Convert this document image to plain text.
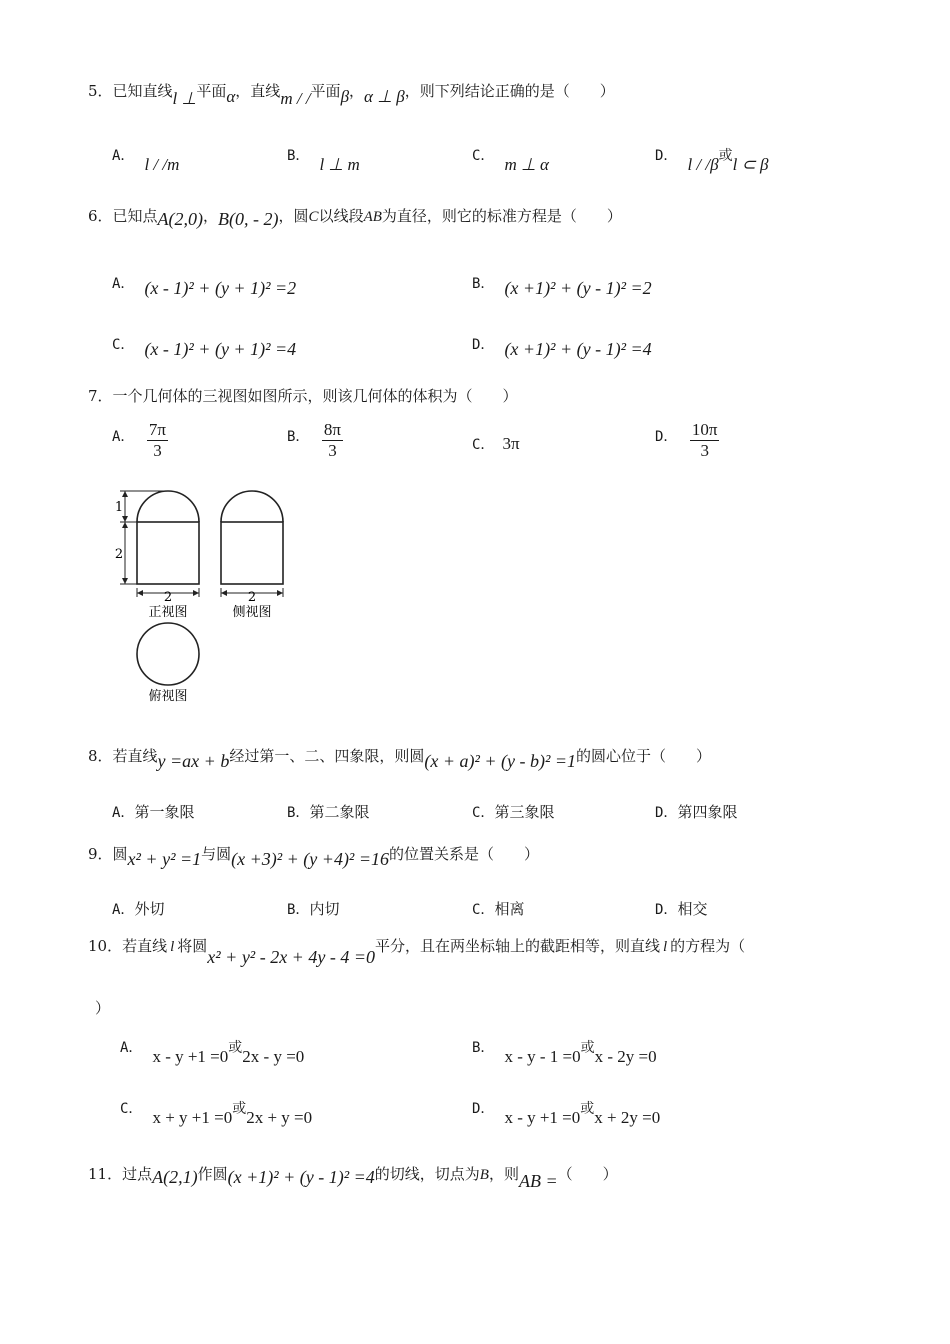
5．已知直线l ⊥平面α，直线m / /平面β，α ⊥ β，则下列结论正确的是（　　）
A． l / /m	B． l ⊥ m	C． m ⊥ α	D． l / /β或l ⊂ β
6．已知点A(2,0)，B(0, - 2)，圆C以线段AB为直径，则它的标准方程是（　　）
A． (x - 1)² + (y + 1)² =2	B． (x +1)² + (y - 1)² =2
C． (x - 1)² + (y + 1)² =4	D． (x +1)² + (y - 1)² =4
7．一个几何体的三视图如图所示，则该几何体的体积为（　　）
A． $\frac{7\pi}{3}$	B． $\frac{8\pi}{3}$	C． 3π	D． $\frac{10\pi}{3}$
1
2
2	2
正视图	侧视图
俯视图
8．若直线y =ax + b经过第一、二、四象限，则圆(x + a)² + (y - b)² =1的圆心位于（　　）
A．第一象限	B．第二象限	C．第三象限	D．第四象限
9．圆x² + y² =1与圆(x +3)² + (y +4)² =16的位置关系是（　　）
A．外切	B．内切	C．相离	D．相交
10．若直线 l 将圆x² + y² - 2x + 4y - 4 =0平分，且在两坐标轴上的截距相等，则直线 l 的方程为（
）
A． x - y +1 =0或2x - y =0	B． x - y - 1 =0或x - 2y =0
C． x + y +1 =0或2x + y =0	D． x - y +1 =0或x + 2y =0
11．过点A(2,1)作圆(x +1)² + (y - 1)² =4的切线，切点为B，则AB =（　　）
